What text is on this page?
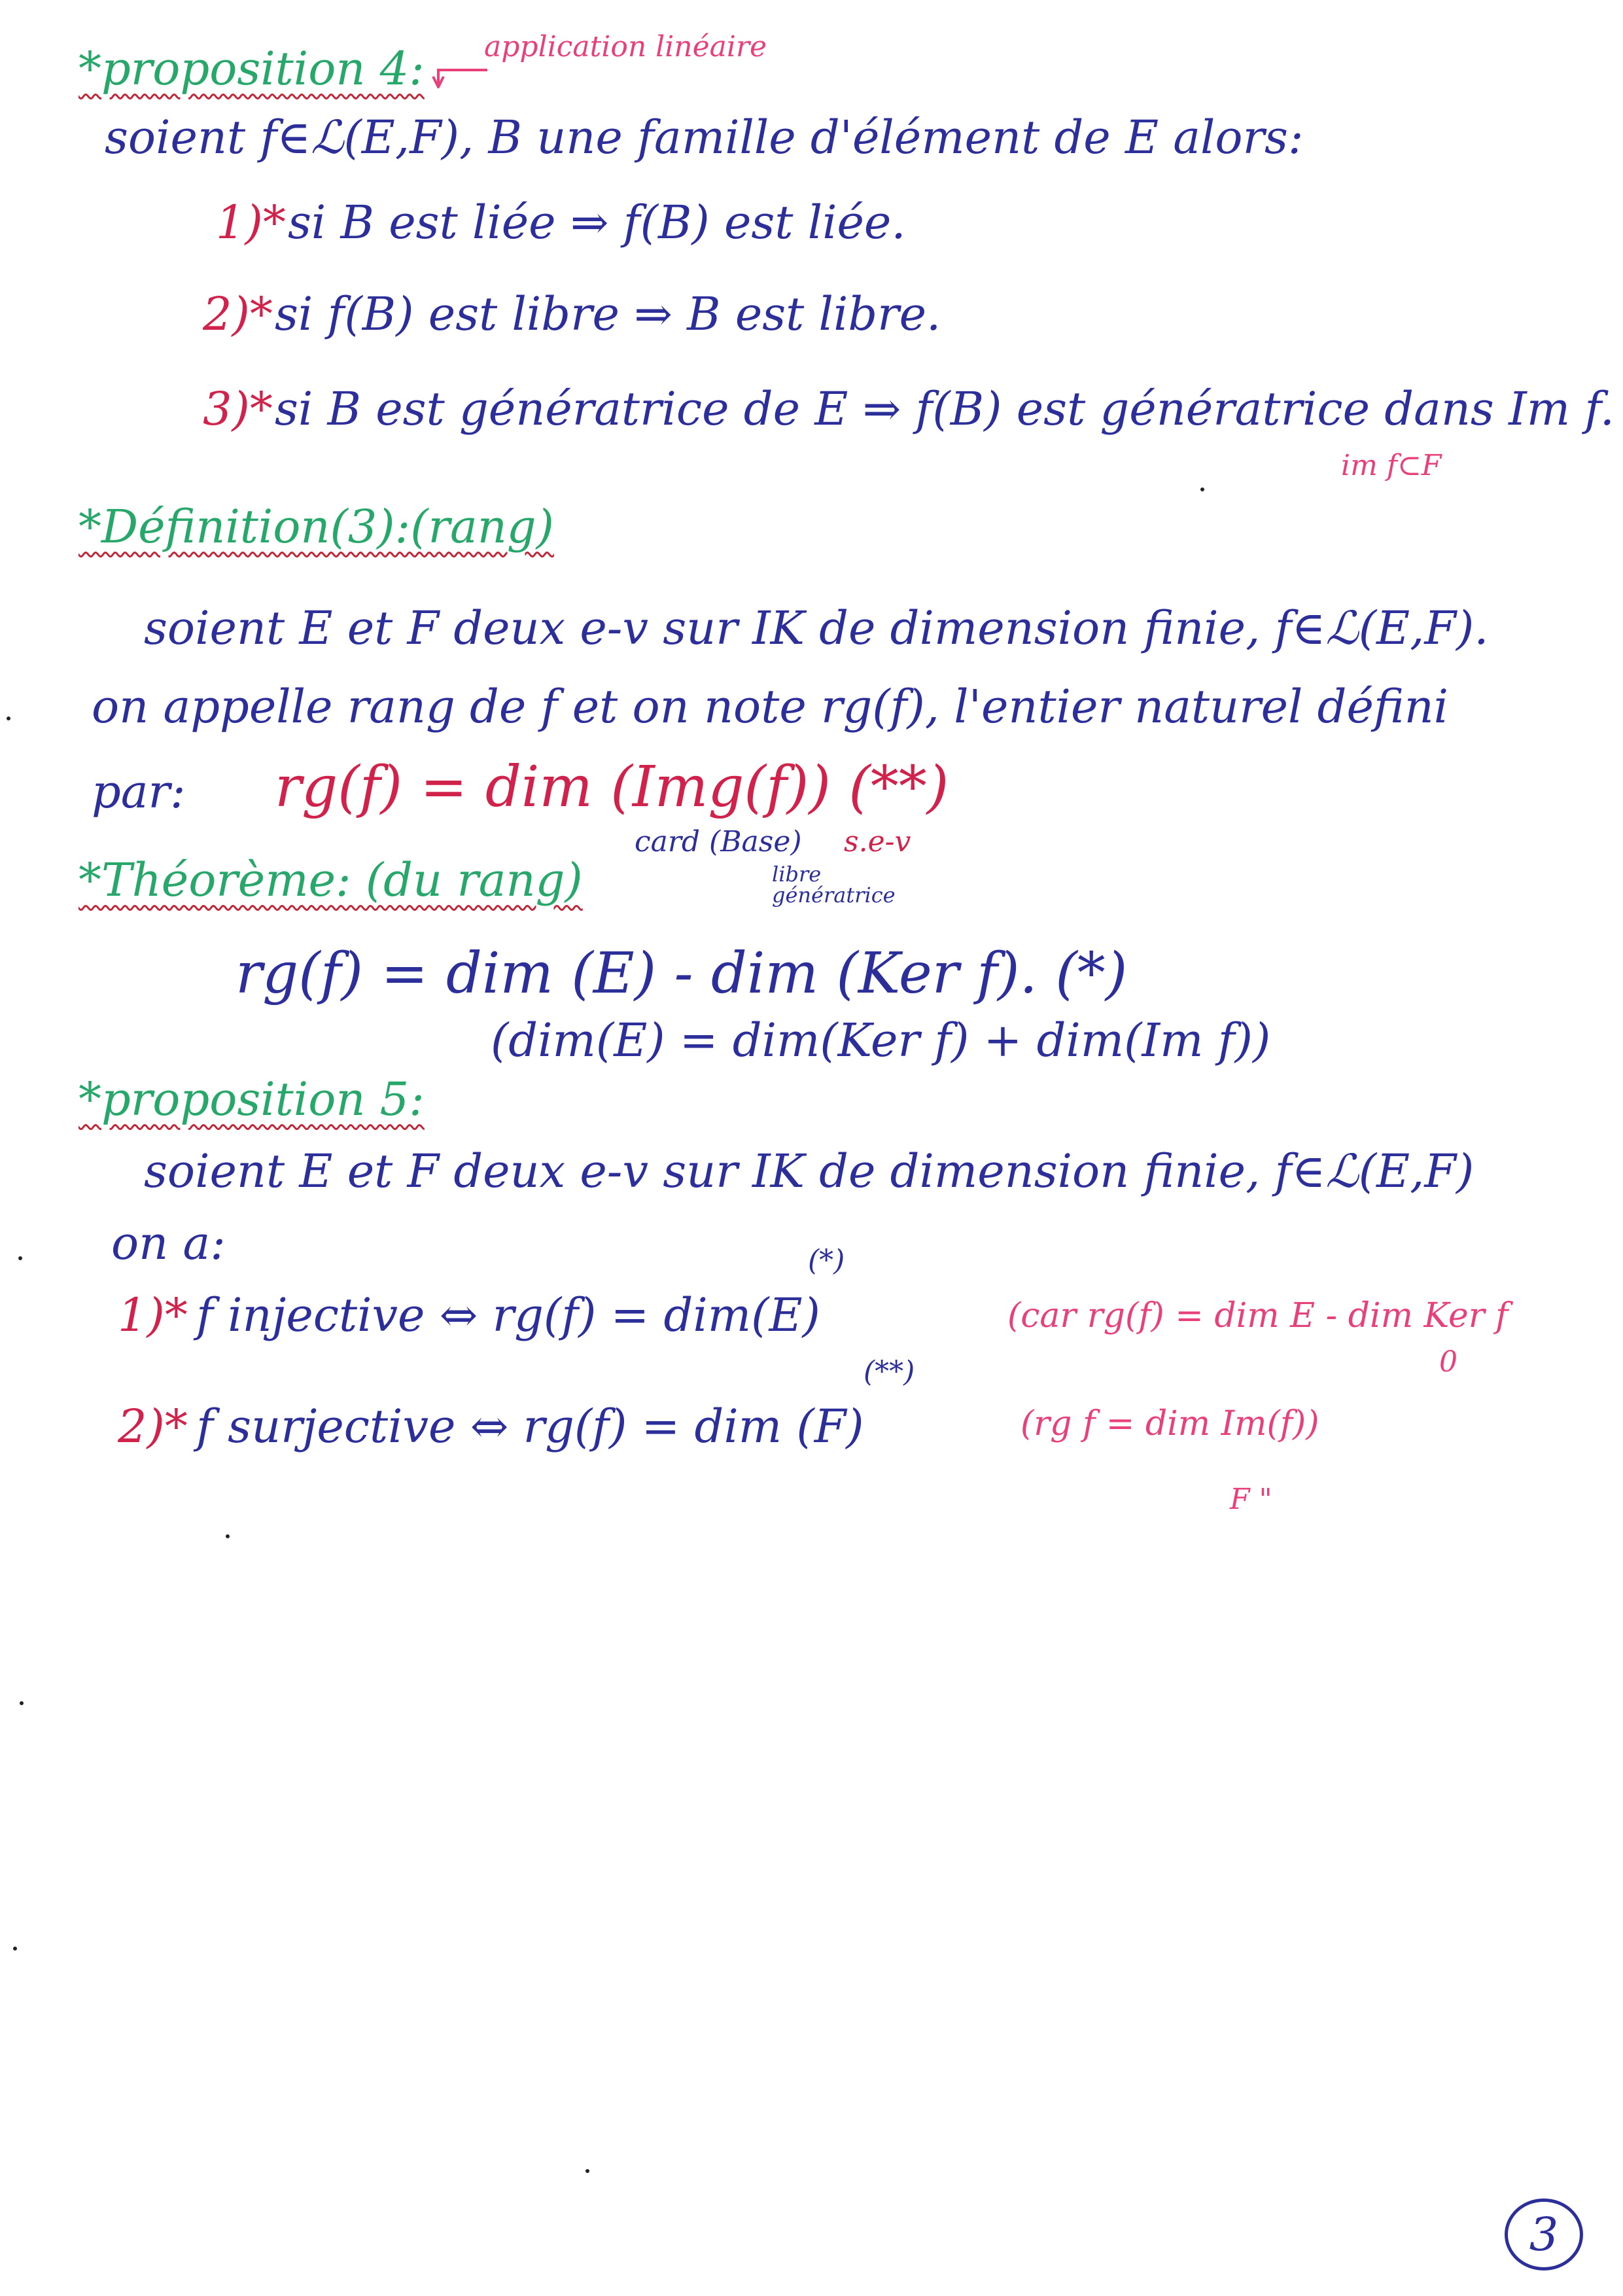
*proposition 4: application linéaire
soient f∈ℒ(E,F), B une famille d'élément de E alors:
1)* si B est liée ⇒ f(B) est liée.
2)* si f(B) est libre ⇒ B est libre.
3)* si B est génératrice de E ⇒ f(B) est génératrice dans Im f.
im f⊂F
*Définition(3):(rang)
soient E et F deux e-v sur IK de dimension finie, f∈ℒ(E,F).
on appelle rang de f et on note rg(f), l'entier naturel défini
par: rg(f) = dim (Img(f)) (**)
card (Base) s.e-v
libre génératrice
*Théorème: (du rang)
rg(f) = dim (E) - dim (Ker f). (*)
(dim(E) = dim(Ker f) + dim(Im f))
*proposition 5:
soient E et F deux e-v sur IK de dimension finie, f∈ℒ(E,F)
on a:
1)* f injective ⇔ rg(f) = dim(E)
(*)
(car rg(f) = dim E - dim Ker f
0
2)* f surjective ⇔ rg(f) = dim (F)
(**)
(rg f = dim Im(f))
F "
3
